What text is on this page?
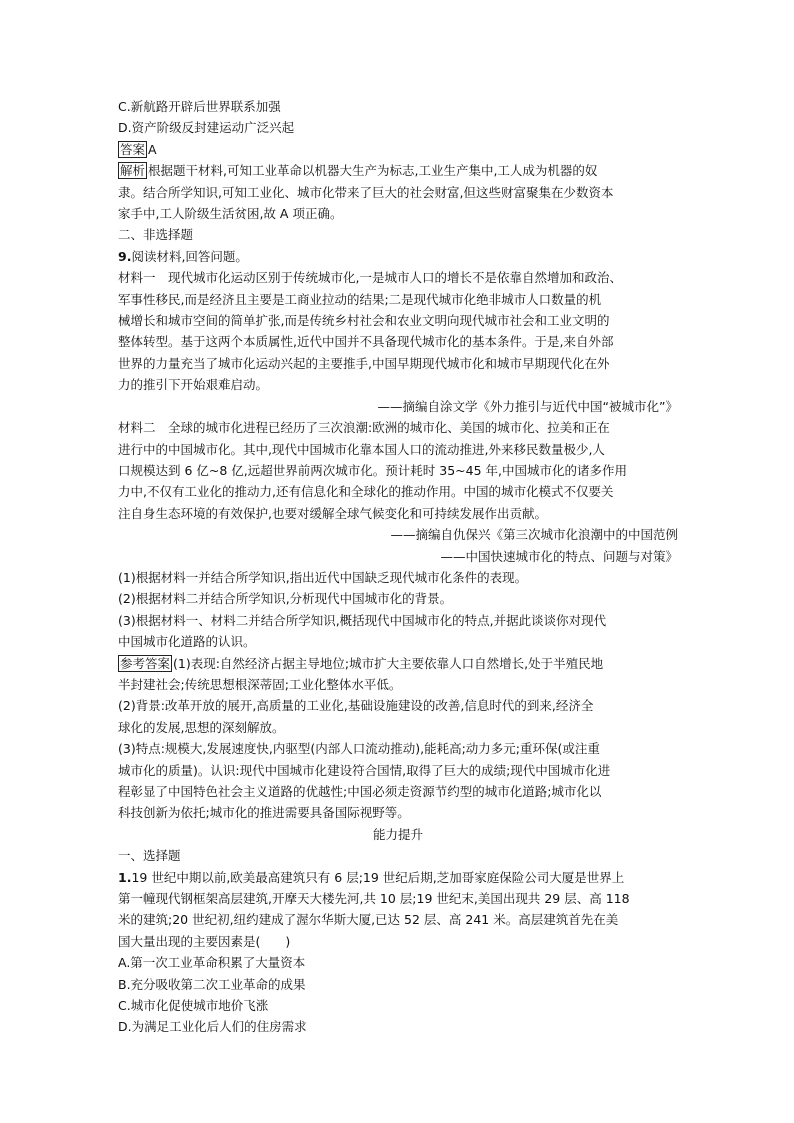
C.新航路开辟后世界联系加强
D.资产阶级反封建运动广泛兴起
答案 A
解析 根据题干材料,可知工业革命以机器大生产为标志,工业生产集中,工人成为机器的奴
隶。结合所学知识,可知工业化、城市化带来了巨大的社会财富,但这些财富聚集在少数资本
家手中,工人阶级生活贫困,故 A 项正确。
二、非选择题
9.阅读材料,回答问题。
材料一　现代城市化运动区别于传统城市化,一是城市人口的增长不是依靠自然增加和政治、
军事性移民,而是经济且主要是工商业拉动的结果;二是现代城市化绝非城市人口数量的机
械增长和城市空间的简单扩张,而是传统乡村社会和农业文明向现代城市社会和工业文明的
整体转型。基于这两个本质属性,近代中国并不具备现代城市化的基本条件。于是,来自外部
世界的力量充当了城市化运动兴起的主要推手,中国早期现代城市化和城市早期现代化在外
力的推引下开始艰难启动。
——摘编自涂文学《外力推引与近代中国“被城市化”》
材料二　全球的城市化进程已经历了三次浪潮:欧洲的城市化、美国的城市化、拉美和正在
进行中的中国城市化。其中,现代中国城市化靠本国人口的流动推进,外来移民数量极少,人
口规模达到 6 亿~8 亿,远超世界前两次城市化。预计耗时 35~45 年,中国城市化的诸多作用
力中,不仅有工业化的推动力,还有信息化和全球化的推动作用。中国的城市化模式不仅要关
注自身生态环境的有效保护,也要对缓解全球气候变化和可持续发展作出贡献。
——摘编自仇保兴《第三次城市化浪潮中的中国范例
——中国快速城市化的特点、问题与对策》
(1)根据材料一并结合所学知识,指出近代中国缺乏现代城市化条件的表现。
(2)根据材料二并结合所学知识,分析现代中国城市化的背景。
(3)根据材料一、材料二并结合所学知识,概括现代中国城市化的特点,并据此谈谈你对现代
中国城市化道路的认识。
参考答案 (1)表现:自然经济占据主导地位;城市扩大主要依靠人口自然增长,处于半殖民地
半封建社会;传统思想根深蒂固;工业化整体水平低。
(2)背景:改革开放的展开,高质量的工业化,基础设施建设的改善,信息时代的到来,经济全
球化的发展,思想的深刻解放。
(3)特点:规模大,发展速度快,内驱型(内部人口流动推动),能耗高;动力多元;重环保(或注重
城市化的质量)。认识:现代中国城市化建设符合国情,取得了巨大的成绩;现代中国城市化进
程彰显了中国特色社会主义道路的优越性;中国必须走资源节约型的城市化道路;城市化以
科技创新为依托;城市化的推进需要具备国际视野等。
能力提升
一、选择题
1.19 世纪中期以前,欧美最高建筑只有 6 层;19 世纪后期,芝加哥家庭保险公司大厦是世界上
第一幢现代钢框架高层建筑,开摩天大楼先河,共 10 层;19 世纪末,美国出现共 29 层、高 118
米的建筑;20 世纪初,纽约建成了渥尔华斯大厦,已达 52 层、高 241 米。高层建筑首先在美
国大量出现的主要因素是(　　)
A.第一次工业革命积累了大量资本
B.充分吸收第二次工业革命的成果
C.城市化促使城市地价飞涨
D.为满足工业化后人们的住房需求
